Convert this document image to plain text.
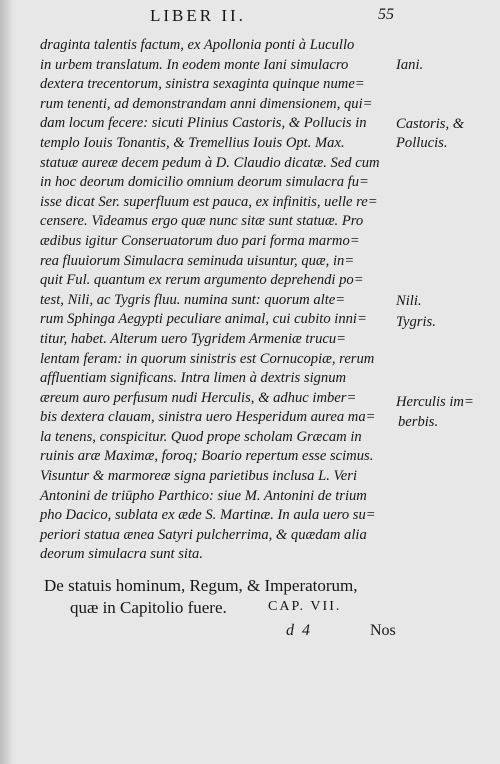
LIBER II.	55
draginta talentis factum, ex Apollonia ponti à Lucullo
in urbem translatum. In eodem monte Iani simulacro
dextera trecentorum, sinistra sexaginta quinque nume=
rum tenenti, ad demonstrandam anni dimensionem, qui=
dam locum fecere: sicuti Plinius Castoris, & Pollucis in
templo Iouis Tonantis, & Tremellius Iouis Opt. Max.
statuæ aureæ decem pedum à D. Claudio dicatæ. Sed cum
in hoc deorum domicilio omnium deorum simulacra fu=
isse dicat Ser. superfluum est pauca, ex infinitis, uelle re=
censere. Videamus ergo quæ nunc sitæ sunt statuæ. Pro
ædibus igitur Conseruatorum duo pari forma marmo=
rea fluuiorum Simulacra seminuda uisuntur, quæ, in=
quit Ful. quantum ex rerum argumento deprehendi po=
test, Nili, ac Tygris fluu. numina sunt: quorum alte=
rum Sphinga Aegypti peculiare animal, cui cubito inni=
titur, habet. Alterum uero Tygridem Armeniæ trucu=
lentam feram: in quorum sinistris est Cornucopiæ, rerum
affluentiam significans. Intra limen à dextris signum
æreum auro perfusum nudi Herculis, & adhuc imber=
bis dextera clauam, sinistra uero Hesperidum aurea ma=
la tenens, conspicitur. Quod prope scholam Græcam in
ruinis aræ Maximæ, foroq; Boario repertum esse scimus.
Visuntur & marmoreæ signa parietibus inclusa L. Veri
Antonini de triūpho Parthico: siue M. Antonini de trium
pho Dacico, sublata ex æde S. Martinæ. In aula uero su=
periori statua ænea Satyri pulcherrima, & quædam alia
deorum simulacra sunt sita.
Iani.
Castoris, &
Pollucis.
Nili.
Tygris.
Herculis im=
berbis.
De statuis hominum, Regum, & Imperatorum,
quæ in Capitolio fuere.	CAP. VII.
d 4	Nos
